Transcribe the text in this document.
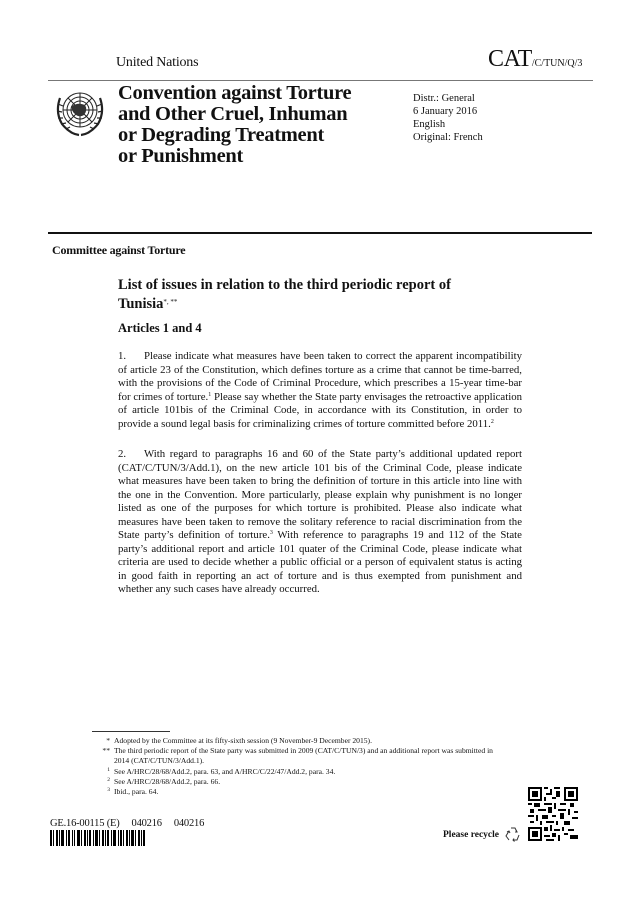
United Nations	CAT/C/TUN/Q/3
Convention against Torture
and Other Cruel, Inhuman
or Degrading Treatment
or Punishment
Distr.: General
6 January 2016
English
Original: French
Committee against Torture
List of issues in relation to the third periodic report of
Tunisia*, **
Articles 1 and 4
1. Please indicate what measures have been taken to correct the apparent incompatibility of article 23 of the Constitution, which defines torture as a crime that cannot be time-barred, with the provisions of the Code of Criminal Procedure, which prescribes a 15-year time-bar for crimes of torture.$^1$ Please say whether the State party envisages the retroactive application of article 101bis of the Criminal Code, in accordance with its Constitution, in order to provide a sound legal basis for criminalizing crimes of torture committed before 2011.$^2$
2. With regard to paragraphs 16 and 60 of the State party’s additional updated report (CAT/C/TUN/3/Add.1), on the new article 101 bis of the Criminal Code, please indicate what measures have been taken to bring the definition of torture in this article into line with the one in the Convention. More particularly, please explain why punishment is no longer listed as one of the purposes for which torture is prohibited. Please also indicate what measures have been taken to remove the solitary reference to racial discrimination from the State party’s definition of torture.$^3$ With reference to paragraphs 19 and 112 of the State party’s additional report and article 101 quater of the Criminal Code, please indicate what criteria are used to decide whether a public official or a person of equivalent status is acting in good faith in reporting an act of torture and is thus exempted from punishment and whether any such cases have already occurred.
* Adopted by the Committee at its fifty-sixth session (9 November-9 December 2015).
** The third periodic report of the State party was submitted in 2009 (CAT/C/TUN/3) and an additional report was submitted in 2014 (CAT/C/TUN/3/Add.1).
1 See A/HRC/28/68/Add.2, para. 63, and A/HRC/C/22/47/Add.2, para. 34.
2 See A/HRC/28/68/Add.2, para. 66.
3 Ibid., para. 64.
GE.16-00115 (E) 040216 040216
Please recycle
